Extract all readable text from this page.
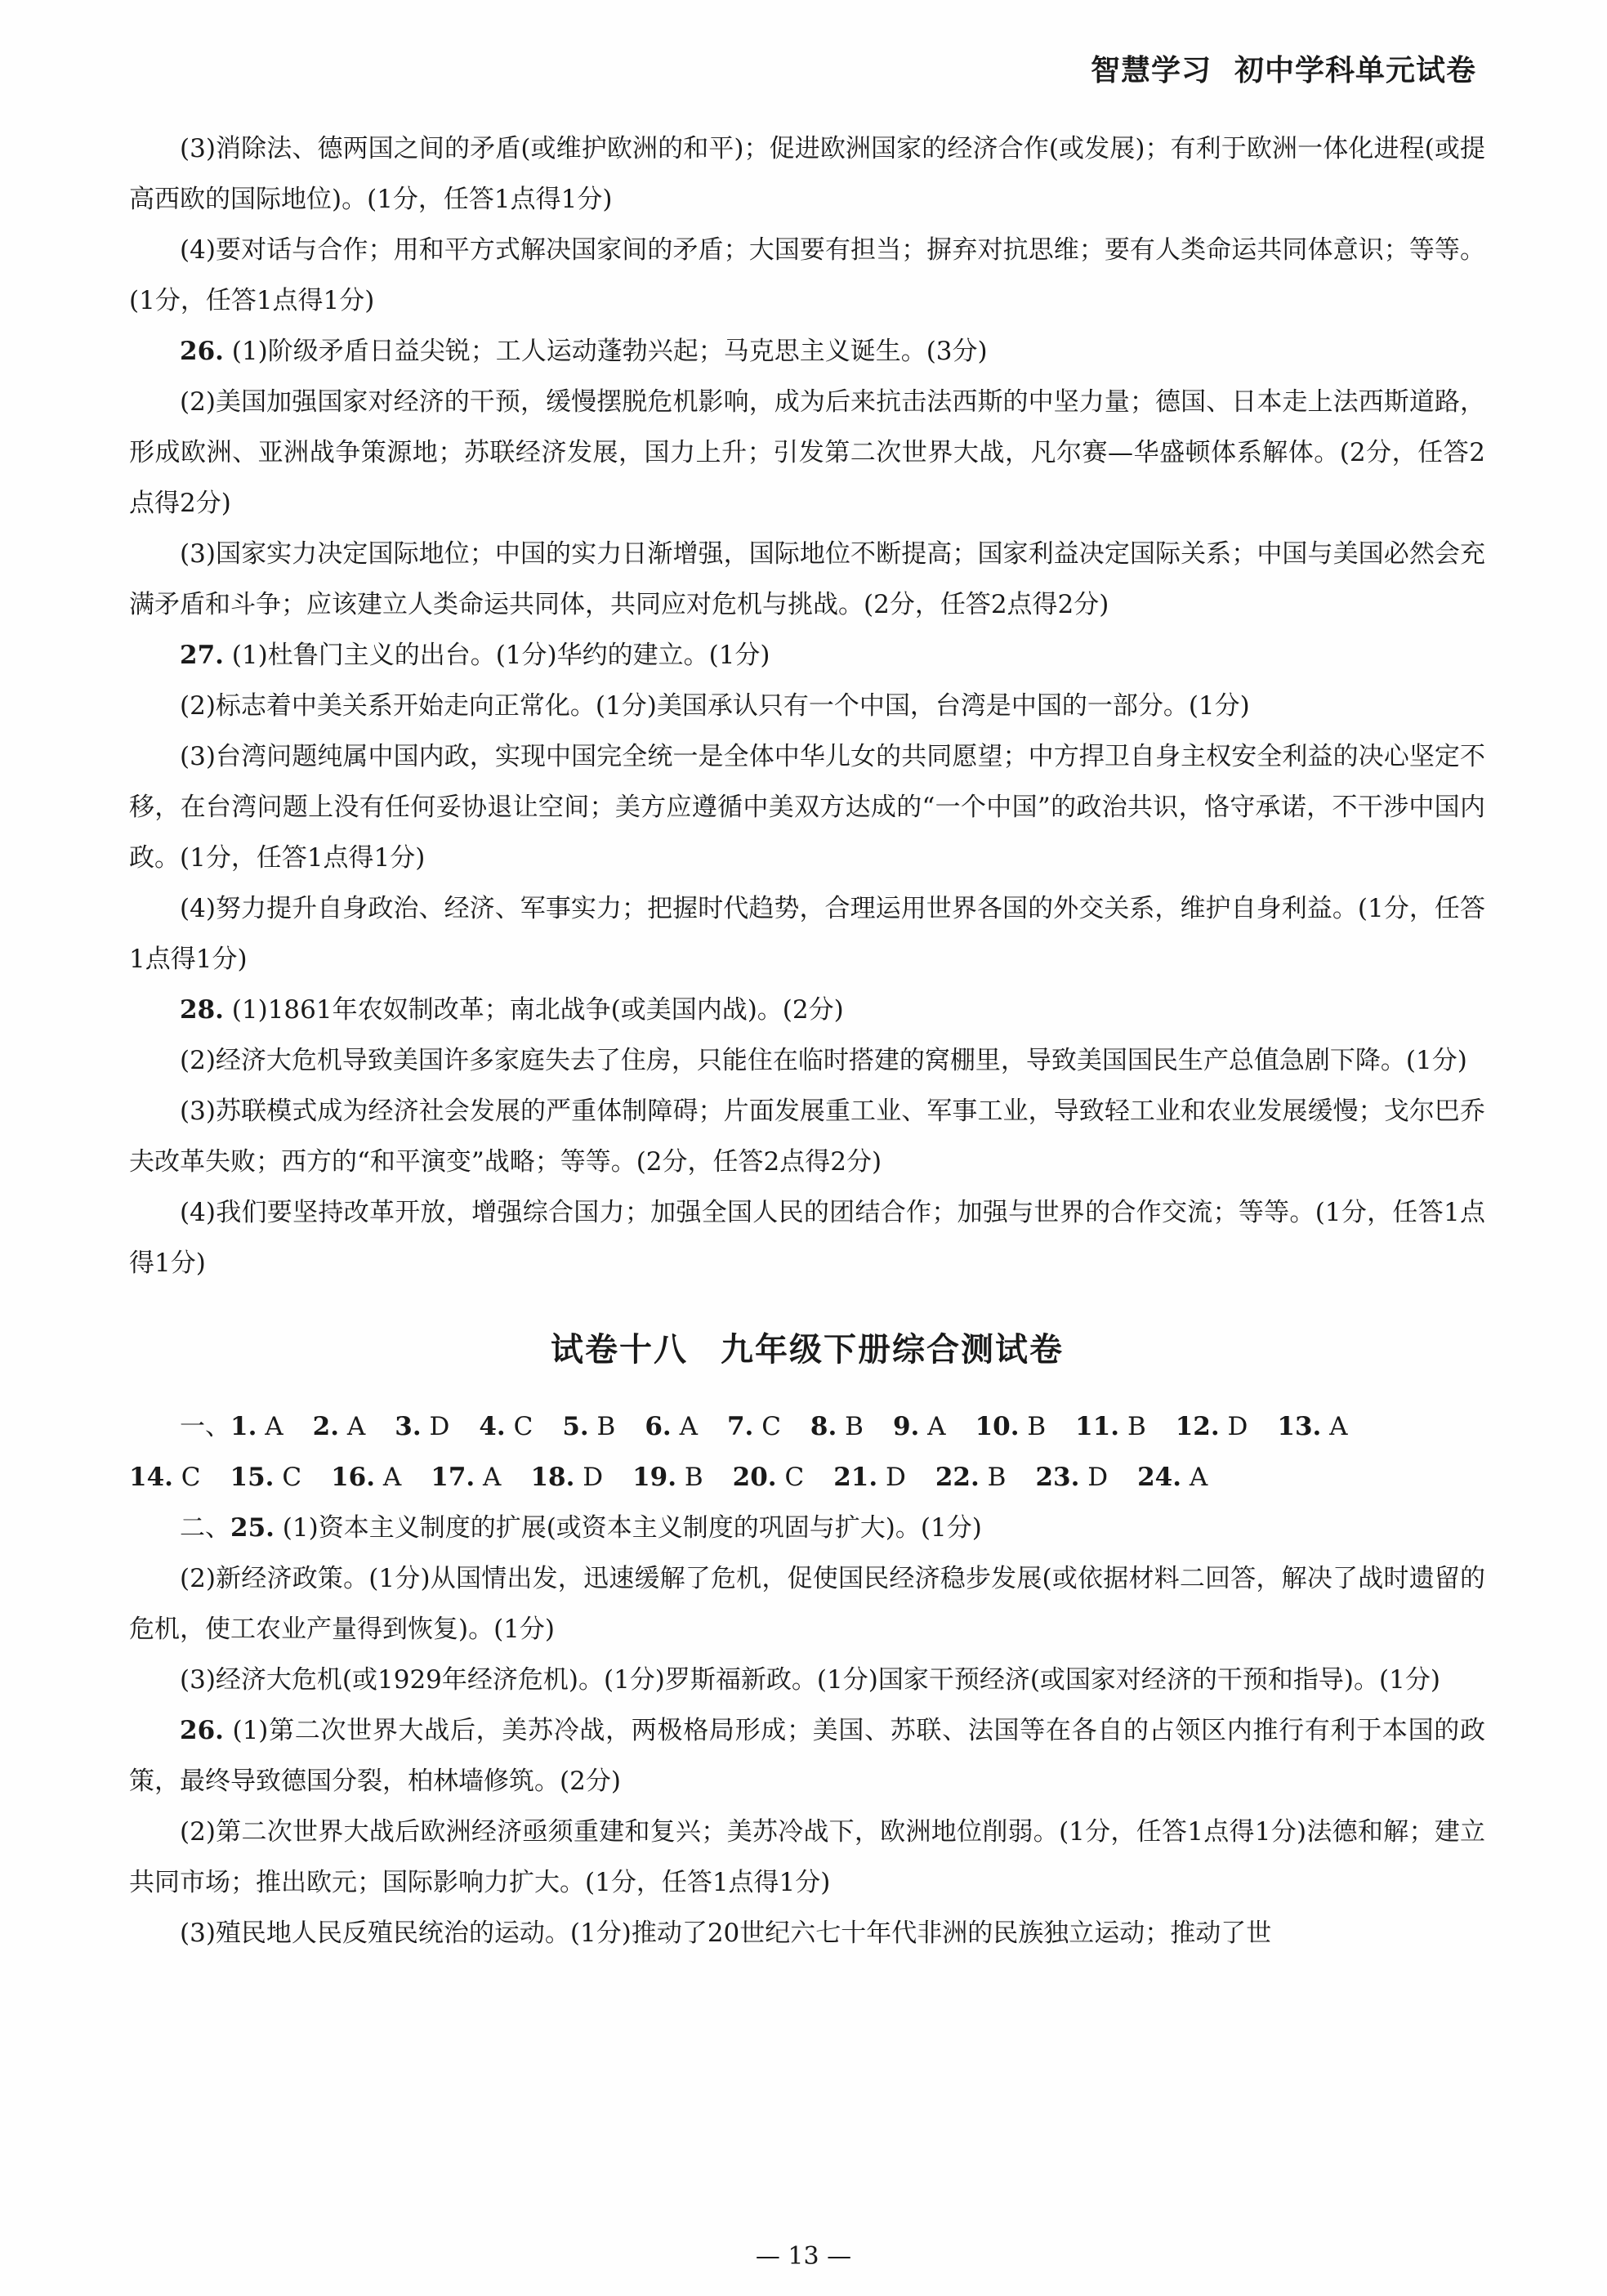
智慧学习 初中学科单元试卷

(3)消除法、德两国之间的矛盾(或维护欧洲的和平)；促进欧洲国家的经济合作(或发展)；有利于欧洲一体化进程(或提高西欧的国际地位)。(1分，任答1点得1分)

(4)要对话与合作；用和平方式解决国家间的矛盾；大国要有担当；摒弃对抗思维；要有人类命运共同体意识；等等。(1分，任答1点得1分)

26. (1)阶级矛盾日益尖锐；工人运动蓬勃兴起；马克思主义诞生。(3分)

(2)美国加强国家对经济的干预，缓慢摆脱危机影响，成为后来抗击法西斯的中坚力量；德国、日本走上法西斯道路，形成欧洲、亚洲战争策源地；苏联经济发展，国力上升；引发第二次世界大战，凡尔赛—华盛顿体系解体。(2分，任答2点得2分)

(3)国家实力决定国际地位；中国的实力日渐增强，国际地位不断提高；国家利益决定国际关系；中国与美国必然会充满矛盾和斗争；应该建立人类命运共同体，共同应对危机与挑战。(2分，任答2点得2分)

27. (1)杜鲁门主义的出台。(1分)华约的建立。(1分)

(2)标志着中美关系开始走向正常化。(1分)美国承认只有一个中国，台湾是中国的一部分。(1分)

(3)台湾问题纯属中国内政，实现中国完全统一是全体中华儿女的共同愿望；中方捍卫自身主权安全利益的决心坚定不移，在台湾问题上没有任何妥协退让空间；美方应遵循中美双方达成的“一个中国”的政治共识，恪守承诺，不干涉中国内政。(1分，任答1点得1分)

(4)努力提升自身政治、经济、军事实力；把握时代趋势，合理运用世界各国的外交关系，维护自身利益。(1分，任答1点得1分)

28. (1)1861年农奴制改革；南北战争(或美国内战)。(2分)

(2)经济大危机导致美国许多家庭失去了住房，只能住在临时搭建的窝棚里，导致美国国民生产总值急剧下降。(1分)

(3)苏联模式成为经济社会发展的严重体制障碍；片面发展重工业、军事工业，导致轻工业和农业发展缓慢；戈尔巴乔夫改革失败；西方的“和平演变”战略；等等。(2分，任答2点得2分)

(4)我们要坚持改革开放，增强综合国力；加强全国人民的团结合作；加强与世界的合作交流；等等。(1分，任答1点得1分)

试卷十八 九年级下册综合测试卷
一、1. A 2. A 3. D 4. C 5. B 6. A 7. C 8. B 9. A 10. B 11. B 12. D 13. A
14. C 15. C 16. A 17. A 18. D 19. B 20. C 21. D 22. B 23. D 24. A

二、25. (1)资本主义制度的扩展(或资本主义制度的巩固与扩大)。(1分)

(2)新经济政策。(1分)从国情出发，迅速缓解了危机，促使国民经济稳步发展(或依据材料二回答，解决了战时遗留的危机，使工农业产量得到恢复)。(1分)

(3)经济大危机(或1929年经济危机)。(1分)罗斯福新政。(1分)国家干预经济(或国家对经济的干预和指导)。(1分)

26. (1)第二次世界大战后，美苏冷战，两极格局形成；美国、苏联、法国等在各自的占领区内推行有利于本国的政策，最终导致德国分裂，柏林墙修筑。(2分)

(2)第二次世界大战后欧洲经济亟须重建和复兴；美苏冷战下，欧洲地位削弱。(1分，任答1点得1分)法德和解；建立共同市场；推出欧元；国际影响力扩大。(1分，任答1点得1分)

(3)殖民地人民反殖民统治的运动。(1分)推动了20世纪六七十年代非洲的民族独立运动；推动了世

— 13 —
